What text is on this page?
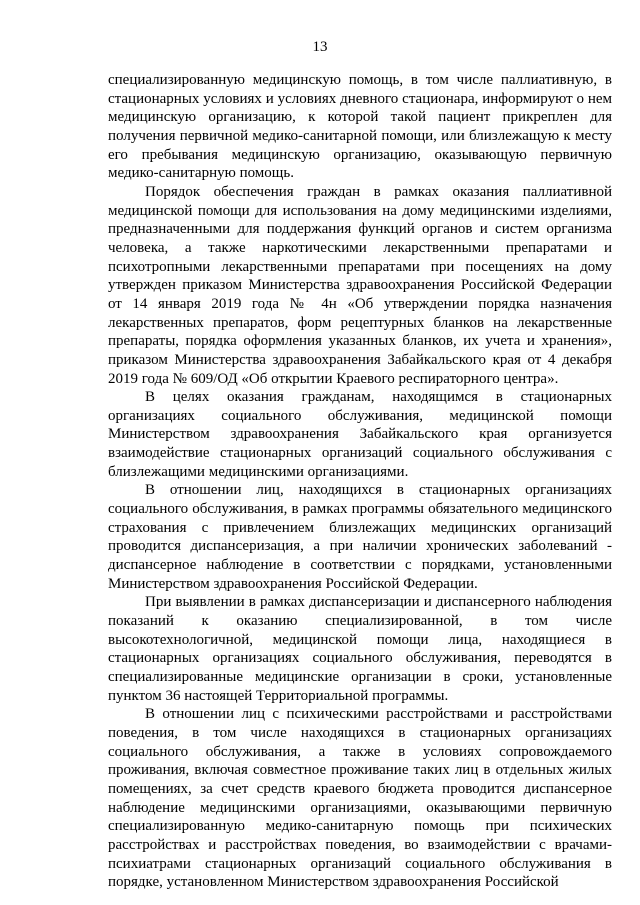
13

специализированную медицинскую помощь, в том числе паллиативную, в стационарных условиях и условиях дневного стационара, информируют о нем медицинскую организацию, к которой такой пациент прикреплен для получения первичной медико-санитарной помощи, или близлежащую к месту его пребывания медицинскую организацию, оказывающую первичную медико-санитарную помощь.

Порядок обеспечения граждан в рамках оказания паллиативной медицинской помощи для использования на дому медицинскими изделиями, предназначенными для поддержания функций органов и систем организма человека, а также наркотическими лекарственными препаратами и психотропными лекарственными препаратами при посещениях на дому утвержден приказом Министерства здравоохранения Российской Федерации от 14 января 2019 года № 4н «Об утверждении порядка назначения лекарственных препаратов, форм рецептурных бланков на лекарственные препараты, порядка оформления указанных бланков, их учета и хранения», приказом Министерства здравоохранения Забайкальского края от 4 декабря 2019 года № 609/ОД «Об открытии Краевого респираторного центра».

В целях оказания гражданам, находящимся в стационарных организациях социального обслуживания, медицинской помощи Министерством здравоохранения Забайкальского края организуется взаимодействие стационарных организаций социального обслуживания с близлежащими медицинскими организациями.

В отношении лиц, находящихся в стационарных организациях социального обслуживания, в рамках программы обязательного медицинского страхования с привлечением близлежащих медицинских организаций проводится диспансеризация, а при наличии хронических заболеваний - диспансерное наблюдение в соответствии с порядками, установленными Министерством здравоохранения Российской Федерации.

При выявлении в рамках диспансеризации и диспансерного наблюдения показаний к оказанию специализированной, в том числе высокотехнологичной, медицинской помощи лица, находящиеся в стационарных организациях социального обслуживания, переводятся в специализированные медицинские организации в сроки, установленные пунктом 36 настоящей Территориальной программы.

В отношении лиц с психическими расстройствами и расстройствами поведения, в том числе находящихся в стационарных организациях социального обслуживания, а также в условиях сопровождаемого проживания, включая совместное проживание таких лиц в отдельных жилых помещениях, за счет средств краевого бюджета проводится диспансерное наблюдение медицинскими организациями, оказывающими первичную специализированную медико-санитарную помощь при психических расстройствах и расстройствах поведения, во взаимодействии с врачами-психиатрами стационарных организаций социального обслуживания в порядке, установленном Министерством здравоохранения Российской
